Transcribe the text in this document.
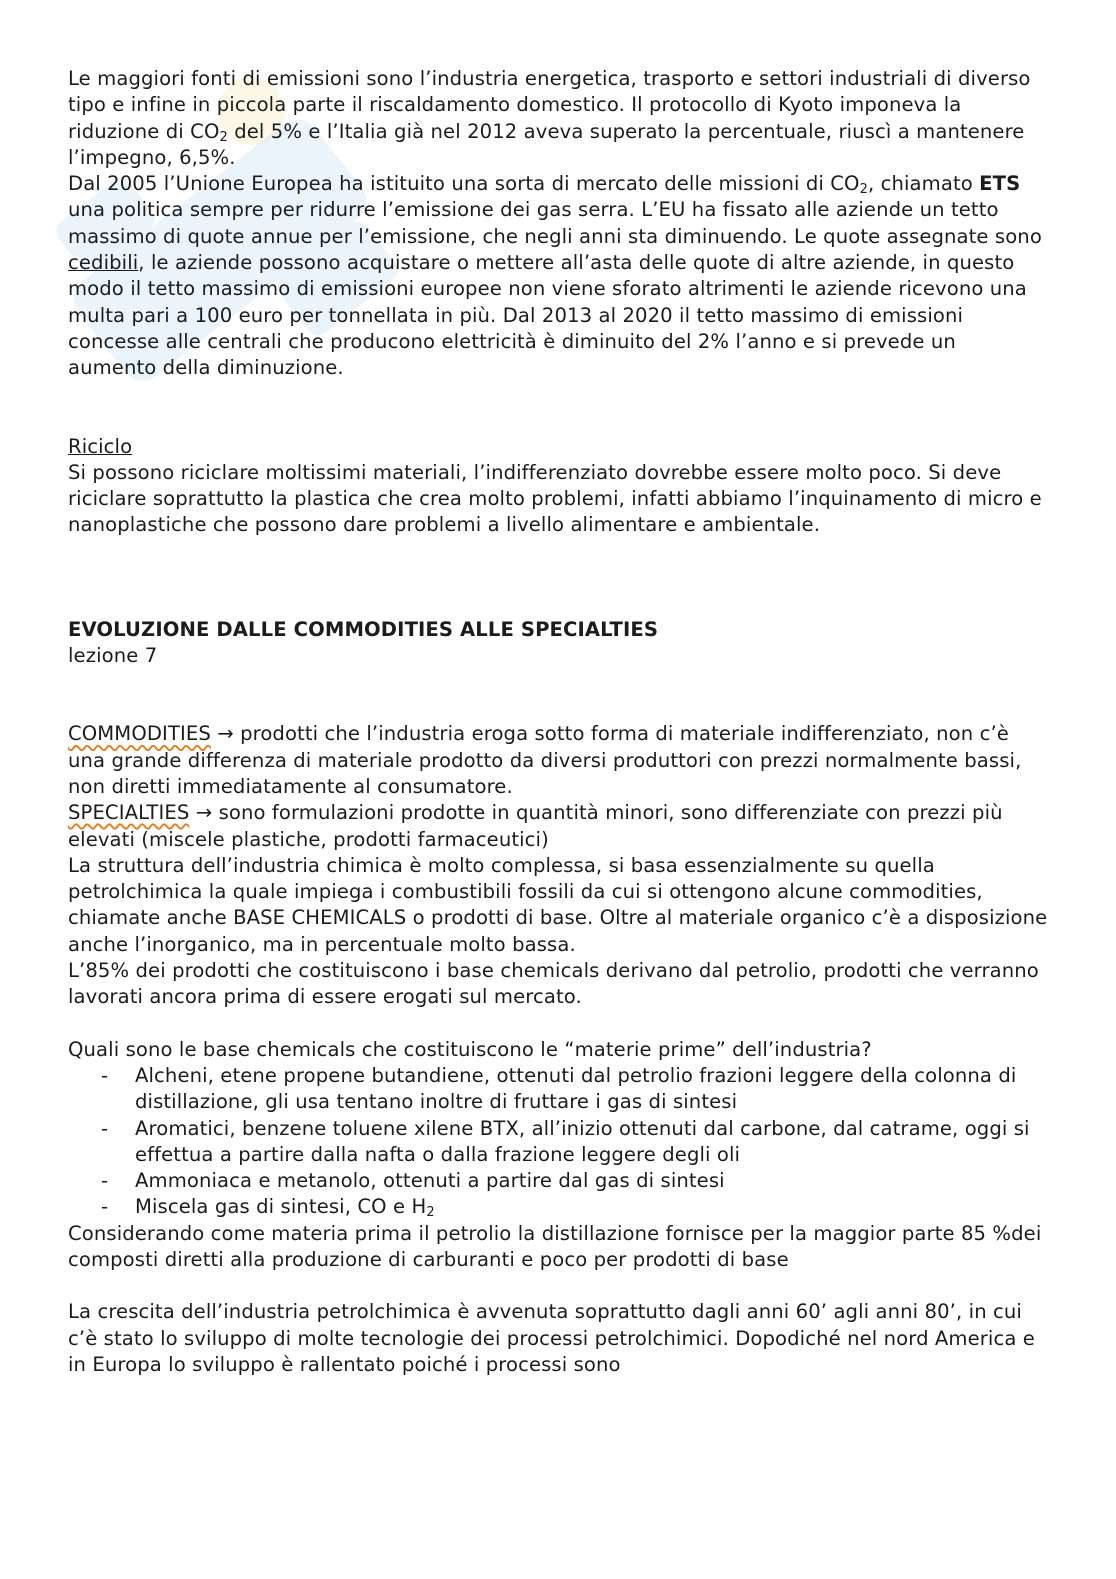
Le maggiori fonti di emissioni sono l’industria energetica, trasporto e settori industriali di diverso tipo e infine in piccola parte il riscaldamento domestico. Il protocollo di Kyoto imponeva la riduzione di $CO_2$ del 5% e l’Italia già nel 2012 aveva superato la percentuale, riuscì a mantenere l’impegno, 6,5%.

Dal 2005 l’Unione Europea ha istituito una sorta di mercato delle missioni di $CO_2$, chiamato ETS una politica sempre per ridurre l’emissione dei gas serra. L’EU ha fissato alle aziende un tetto massimo di quote annue per l’emissione, che negli anni sta diminuendo. Le quote assegnate sono cedibili, le aziende possono acquistare o mettere all’asta delle quote di altre aziende, in questo modo il tetto massimo di emissioni europee non viene sforato altrimenti le aziende ricevono una multa pari a 100 euro per tonnellata in più. Dal 2013 al 2020 il tetto massimo di emissioni concesse alle centrali che producono elettricità è diminuito del 2% l’anno e si prevede un aumento della diminuzione.

Riciclo

Si possono riciclare moltissimi materiali, l’indifferenziato dovrebbe essere molto poco. Si deve riciclare soprattutto la plastica che crea molto problemi, infatti abbiamo l’inquinamento di micro e nanoplastiche che possono dare problemi a livello alimentare e ambientale.

EVOLUZIONE DALLE COMMODITIES ALLE SPECIALTIES

lezione 7

COMMODITIES → prodotti che l’industria eroga sotto forma di materiale indifferenziato, non c’è una grande differenza di materiale prodotto da diversi produttori con prezzi normalmente bassi, non diretti immediatamente al consumatore.

SPECIALTIES → sono formulazioni prodotte in quantità minori, sono differenziate con prezzi più elevati (miscele plastiche, prodotti farmaceutici)

La struttura dell’industria chimica è molto complessa, si basa essenzialmente su quella petrolchimica la quale impiega i combustibili fossili da cui si ottengono alcune commodities, chiamate anche BASE CHEMICALS o prodotti di base. Oltre al materiale organico c’è a disposizione anche l’inorganico, ma in percentuale molto bassa.

L’85% dei prodotti che costituiscono i base chemicals derivano dal petrolio, prodotti che verranno lavorati ancora prima di essere erogati sul mercato.

Quali sono le base chemicals che costituiscono le “materie prime” dell’industria?

- Alcheni, etene propene butandiene, ottenuti dal petrolio frazioni leggere della colonna di distillazione, gli usa tentano inoltre di fruttare i gas di sintesi
- Aromatici, benzene toluene xilene BTX, all’inizio ottenuti dal carbone, dal catrame, oggi si effettua a partire dalla nafta o dalla frazione leggere degli oli
- Ammoniaca e metanolo, ottenuti a partire dal gas di sintesi
- Miscela gas di sintesi, CO e $H_2$

Considerando come materia prima il petrolio la distillazione fornisce per la maggior parte 85 %dei composti diretti alla produzione di carburanti e poco per prodotti di base

La crescita dell’industria petrolchimica è avvenuta soprattutto dagli anni 60’ agli anni 80’, in cui c’è stato lo sviluppo di molte tecnologie dei processi petrolchimici. Dopodiché nel nord America e in Europa lo sviluppo è rallentato poiché i processi sono
